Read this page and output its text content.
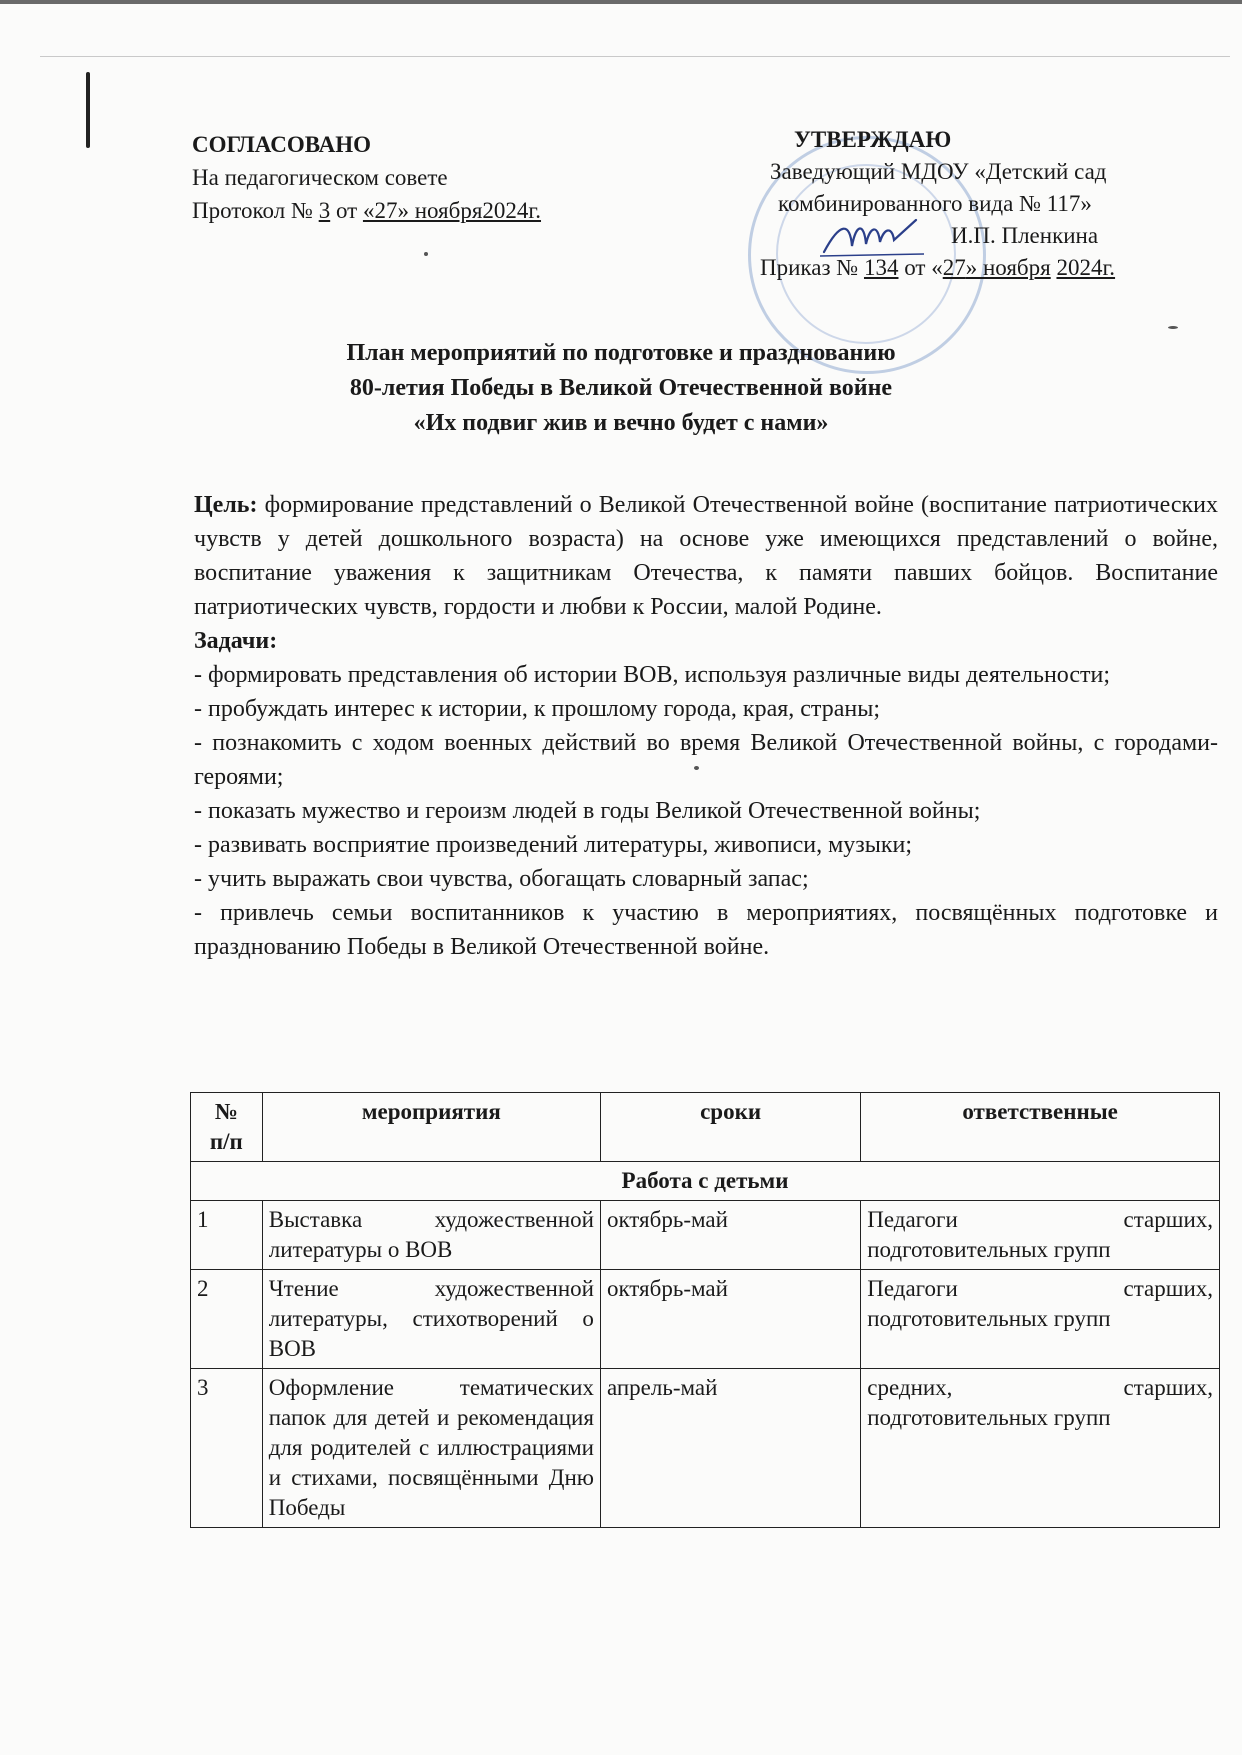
СОГЛАСОВАНО
На педагогическом совете
Протокол № 3 от «27» ноября2024г.
УТВЕРЖДАЮ
Заведующий МДОУ «Детский сад
комбинированного вида № 117»
И.П. Пленкина
Приказ № 134 от «27» ноября 2024г.
План мероприятий по подготовке и празднованию
80-летия Победы в Великой Отечественной войне
«Их подвиг жив и вечно будет с нами»

Цель: формирование представлений о Великой Отечественной войне (воспитание патриотических чувств у детей дошкольного возраста) на основе уже имеющихся представлений о войне, воспитание уважения к защитникам Отечества, к памяти павших бойцов. Воспитание патриотических чувств, гордости и любви к России, малой Родине.

Задачи:

- формировать представления об истории ВОВ, используя различные виды деятельности;

- пробуждать интерес к истории, к прошлому города, края, страны;

- познакомить с ходом военных действий во время Великой Отечественной войны, с городами-героями;

- показать мужество и героизм людей в годы Великой Отечественной войны;

- развивать восприятие произведений литературы, живописи, музыки;

- учить выражать свои чувства, обогащать словарный запас;

- привлечь семьи воспитанников к участию в мероприятиях, посвящённых подготовке и празднованию Победы в Великой Отечественной войне.

№
п/п	мероприятия	сроки	ответственные
Работа с детьми			
1	Выставка художественной литературы о ВОВ	октябрь-май	Педагоги старших,
подготовительных групп
2	Чтение художественной литературы, стихотворений о ВОВ	октябрь-май	Педагоги старших,
подготовительных групп
3	Оформление тематических папок для детей и рекомендация для родителей с иллюстрациями и стихами, посвящёнными Дню Победы	апрель-май	средних, старших,
подготовительных групп
